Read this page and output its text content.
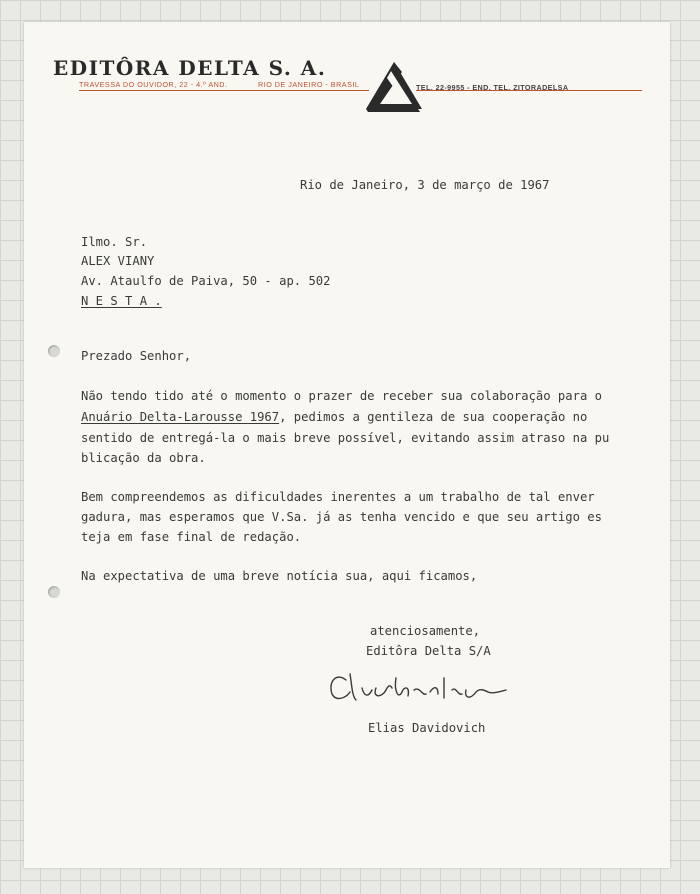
EDITÔRA DELTA S. A.
TRAVESSA DO OUVIDOR, 22 - 4.º AND.	RIO DE JANEIRO - BRASIL	TEL. 22-9955 - END. TEL. ZITORADELSA
Rio de Janeiro, 3 de março de 1967
Ilmo. Sr.
ALEX VIANY
Av. Ataulfo de Paiva, 50 - ap. 502
N E S T A .
Prezado Senhor,
Não tendo tido até o momento o prazer de receber sua colaboração para o
Anuário Delta-Larousse 1967, pedimos a gentileza de sua cooperação no
sentido de entregá-la o mais breve possível, evitando assim atraso na pu
blicação da obra.
Bem compreendemos as dificuldades inerentes a um trabalho de tal enver
gadura, mas esperamos que V.Sa. já as tenha vencido e que seu artigo es
teja em fase final de redação.
Na expectativa de uma breve notícia sua, aqui ficamos,
atenciosamente,
Editôra Delta S/A
Elias Davidovich
